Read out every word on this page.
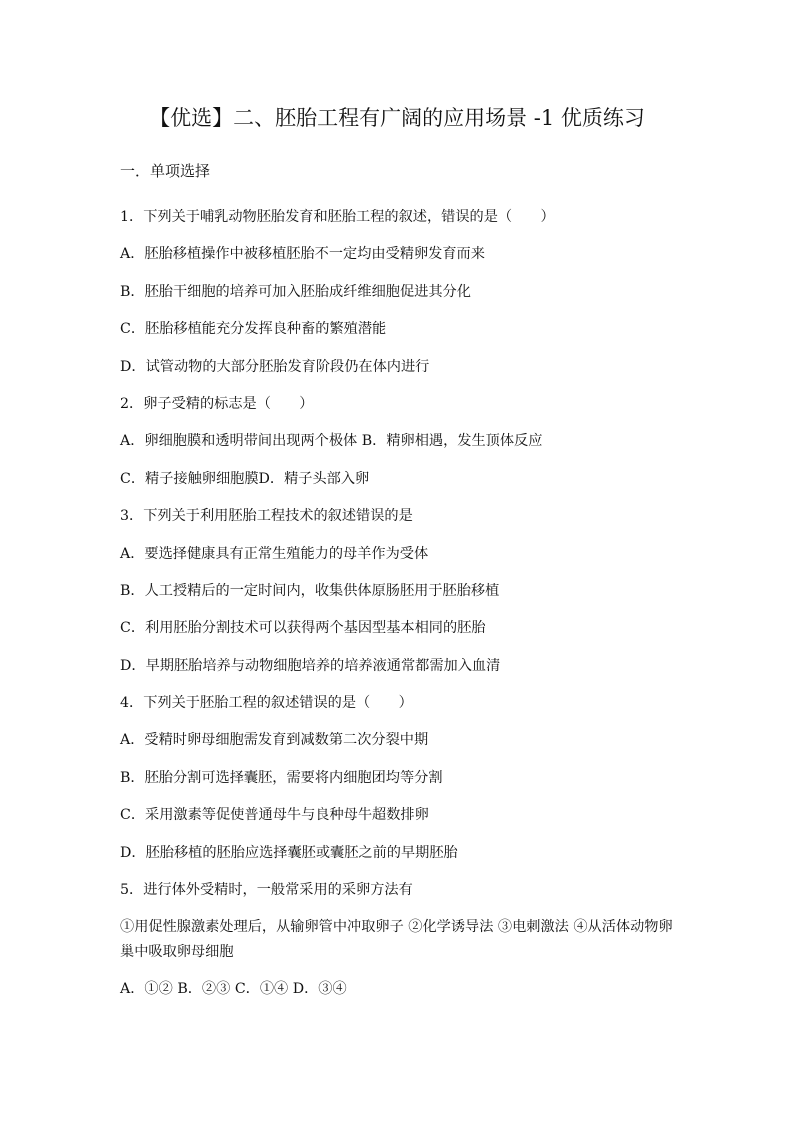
【优选】二、胚胎工程有广阔的应用场景 -1 优质练习
一．单项选择
1．下列关于哺乳动物胚胎发育和胚胎工程的叙述，错误的是（　　）
A．胚胎移植操作中被移植胚胎不一定均由受精卵发育而来
B．胚胎干细胞的培养可加入胚胎成纤维细胞促进其分化
C．胚胎移植能充分发挥良种畜的繁殖潜能
D．试管动物的大部分胚胎发育阶段仍在体内进行
2．卵子受精的标志是（　　）
A．卵细胞膜和透明带间出现两个极体 B．精卵相遇，发生顶体反应
C．精子接触卵细胞膜D．精子头部入卵
3．下列关于利用胚胎工程技术的叙述错误的是
A．要选择健康具有正常生殖能力的母羊作为受体
B．人工授精后的一定时间内，收集供体原肠胚用于胚胎移植
C．利用胚胎分割技术可以获得两个基因型基本相同的胚胎
D．早期胚胎培养与动物细胞培养的培养液通常都需加入血清
4．下列关于胚胎工程的叙述错误的是（　　）
A．受精时卵母细胞需发育到减数第二次分裂中期
B．胚胎分割可选择囊胚，需要将内细胞团均等分割
C．采用激素等促使普通母牛与良种母牛超数排卵
D．胚胎移植的胚胎应选择囊胚或囊胚之前的早期胚胎
5．进行体外受精时，一般常采用的采卵方法有
①用促性腺激素处理后，从输卵管中冲取卵子 ②化学诱导法 ③电刺激法 ④从活体动物卵巢中吸取卵母细胞
A．①② B．②③ C．①④ D．③④
